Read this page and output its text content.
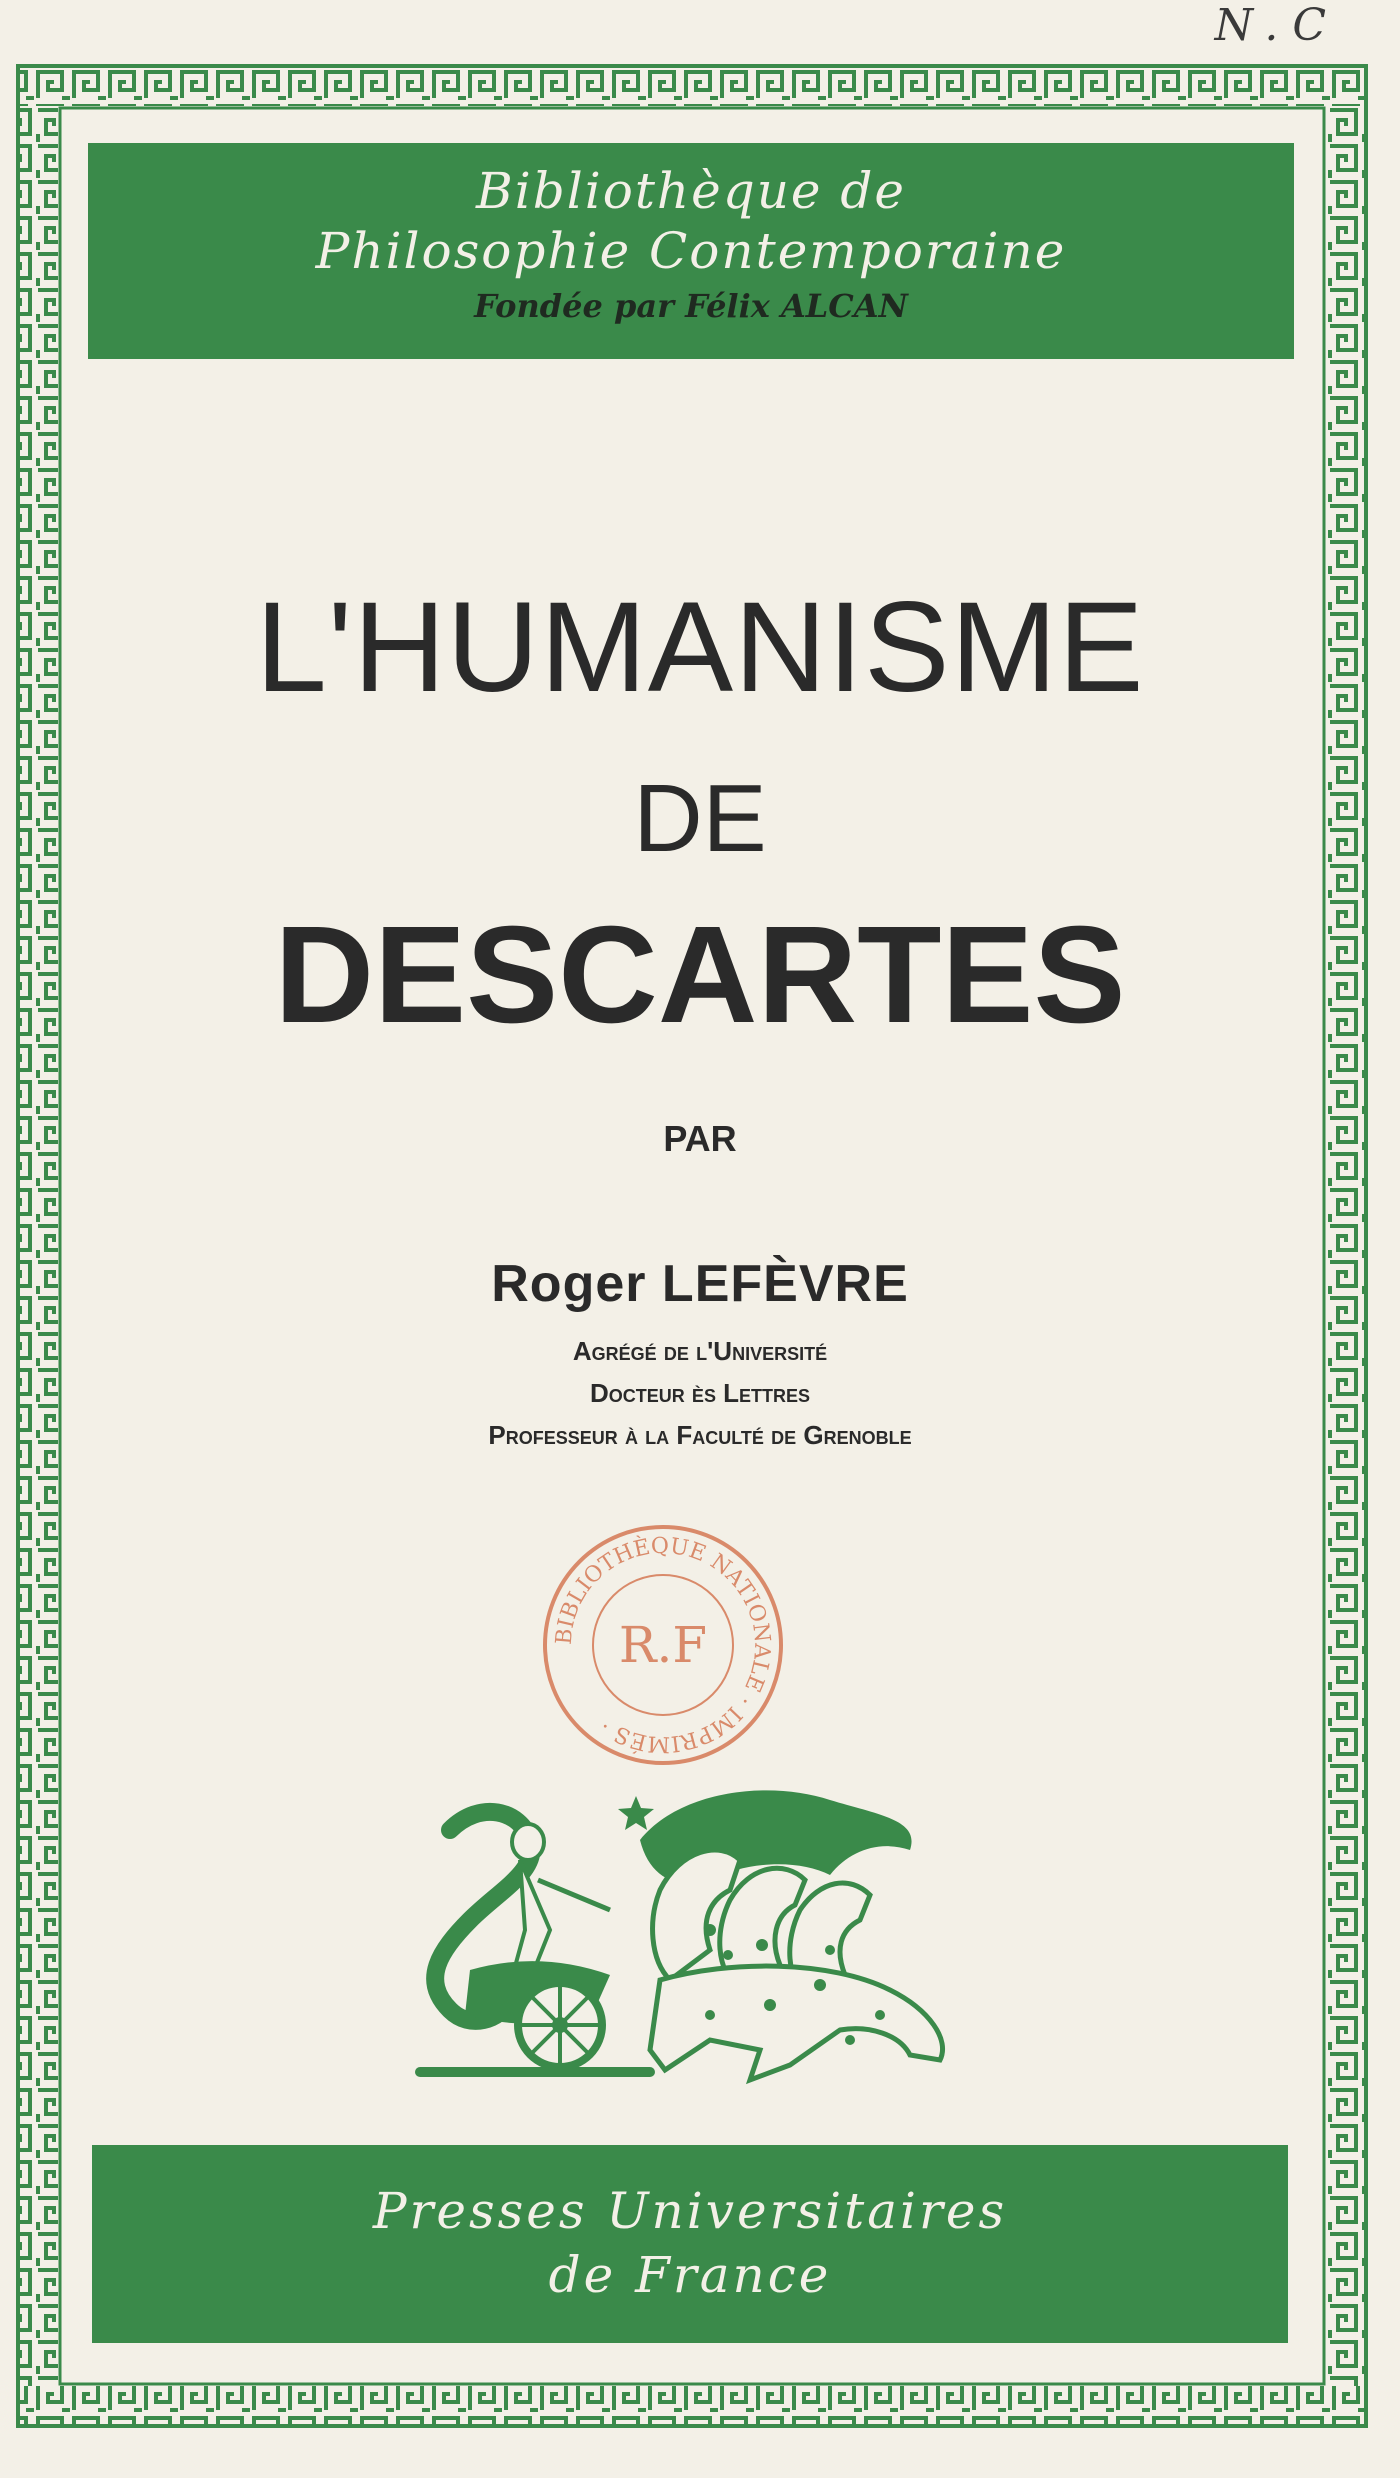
N.C
Bibliothèque de
Philosophie Contemporaine
Fondée par Félix ALCAN
L'HUMANISME
DE
DESCARTES
PAR
Roger LEFÈVRE
Agrégé de l'Université
Docteur ès Lettres
Professeur à la Faculté de Grenoble
BIBLIOTHÈQUE NATIONALE · IMPRIMÉS ·
R.F
Presses Universitaires
de France
